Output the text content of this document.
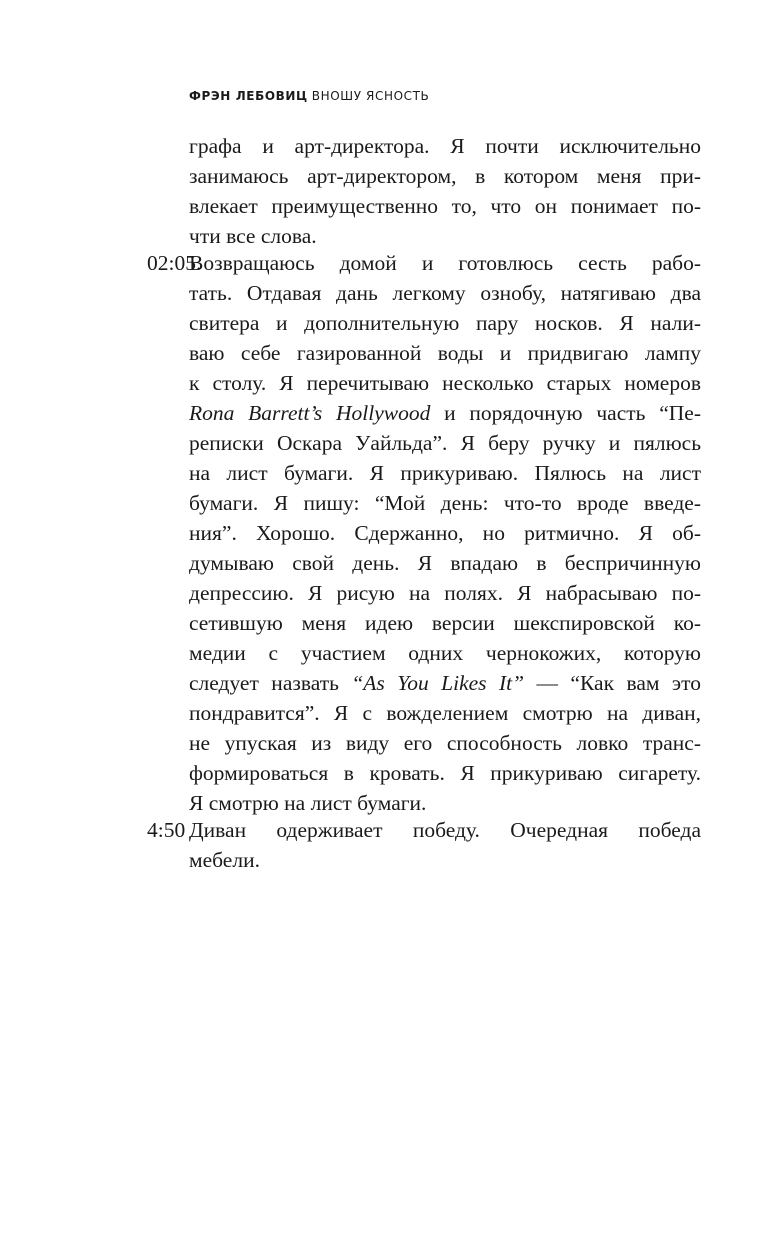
ФРЭН ЛЕБОВИЦ ВНОШУ ЯСНОСТЬ
графа и арт-директора. Я почти исключительно
занимаюсь арт-директором, в котором меня при-
влекает преимущественно то, что он понимает по-
чти все слова.
02:05.
Возвращаюсь домой и готовлюсь сесть рабо-
тать. Отдавая дань легкому ознобу, натягиваю два
свитера и дополнительную пару носков. Я нали-
ваю себе газированной воды и придвигаю лампу
к столу. Я перечитываю несколько старых номеров
Rona Barrett’s Hollywood и порядочную часть “Пе-
реписки Оскара Уайльда”. Я беру ручку и пялюсь
на лист бумаги. Я прикуриваю. Пялюсь на лист
бумаги. Я пишу: “Мой день: что-то вроде введе-
ния”. Хорошо. Сдержанно, но ритмично. Я об-
думываю свой день. Я впадаю в беспричинную
депрессию. Я рисую на полях. Я набрасываю по-
сетившую меня идею версии шекспировской ко-
медии с участием одних чернокожих, которую
следует назвать “As You Likes It” — “Как вам это
пондравится”. Я с вожделением смотрю на диван,
не упуская из виду его способность ловко транс-
формироваться в кровать. Я прикуриваю сигарету.
Я смотрю на лист бумаги.
4:50 Диван одерживает победу. Очередная победа
мебели.
